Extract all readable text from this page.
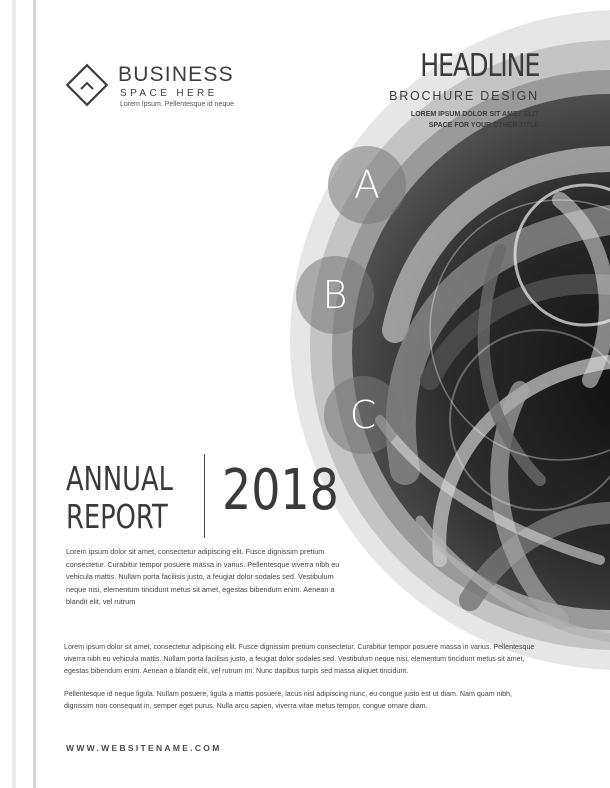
BUSINESS
SPACE HERE
Lorem Ipsum. Pellentesque id neque
HEADLINE
BROCHURE DESIGN
LOREM IPSUM DOLOR SIT AMET ELIT
SPACE FOR YOUR OTHER TITLE
A
B
C
ANNUAL
REPORT 2018
Lorem ipsum dolor sit amet, consectetur adipiscing elit. Fusce dignissim pretium consectetur. Curabitur tempor posuere massa in varius. Pellentesque viverra nibh eu vehicula mattis. Nullam porta facilisis justo, a feugiat dolor sodales sed. Vestibulum neque nisi, elementum tincidunt metus sit amet, egestas bibendum enim. Aenean a blandit elit, vel rutrum
Lorem ipsum dolor sit amet, consectetur adipiscing elit. Fusce dignissim pretium consectetur. Curabitur tempor posuere massa in varius. Pellentesque viverra nibh eu vehicula mattis. Nullam porta facilisis justo, a feugiat dolor sodales sed. Vestibulum neque nisi, elementum tincidunt metus sit amet, egestas bibendum enim. Aenean a blandit elit, vel rutrum mi. Nunc dapibus turpis sed massa aliquet tincidunt.
Pellentesque id neque ligula. Nullam posuere, ligula a mattis posuere, lacus nisl adipiscing nunc, eu congue justo est ut diam. Nam quam nibh, dignissim non consequat in, semper eget purus. Nulla arcu sapien, viverra vitae metus tempor, congue ornare diam.
WWW.WEBSITENAME.COM
